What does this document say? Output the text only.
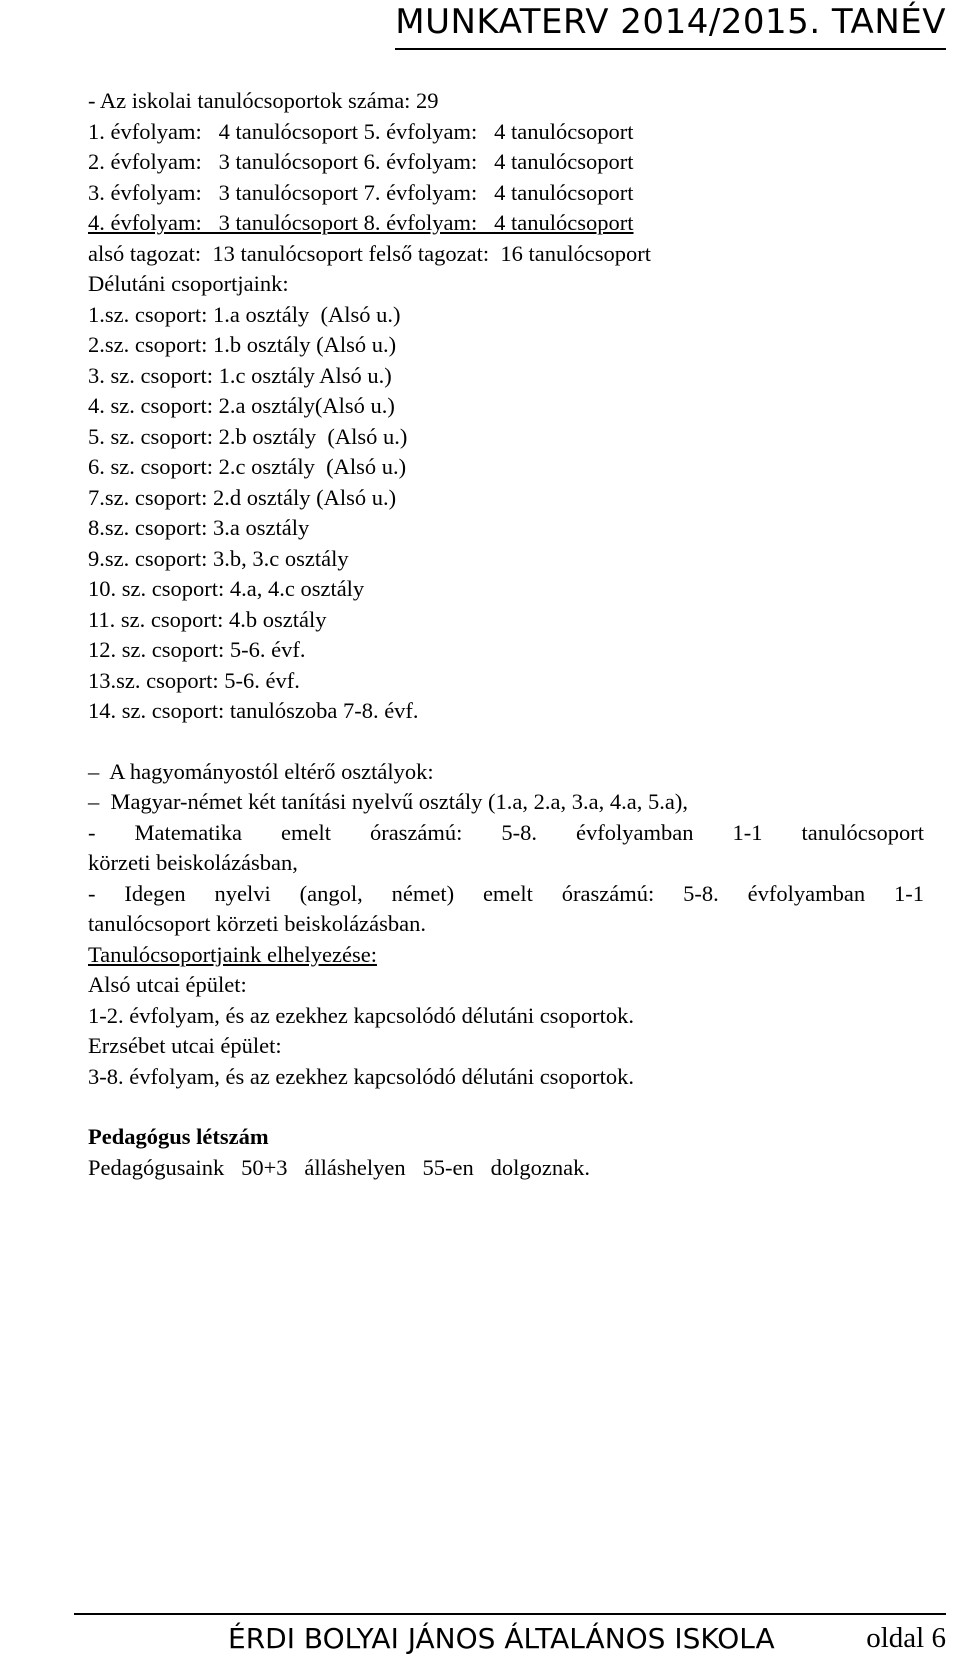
MUNKATERV 2014/2015. TANÉV
- Az iskolai tanulócsoportok száma: 29
1. évfolyam:   4 tanulócsoport 5. évfolyam:   4 tanulócsoport
2. évfolyam:   3 tanulócsoport 6. évfolyam:   4 tanulócsoport
3. évfolyam:   3 tanulócsoport 7. évfolyam:   4 tanulócsoport
4. évfolyam:   3 tanulócsoport 8. évfolyam:   4 tanulócsoport
alsó tagozat:  13 tanulócsoport felső tagozat:  16 tanulócsoport
Délutáni csoportjaink:
1.sz. csoport: 1.a osztály  (Alsó u.)
2.sz. csoport: 1.b osztály (Alsó u.)
3. sz. csoport: 1.c osztály Alsó u.)
4. sz. csoport: 2.a osztály(Alsó u.)
5. sz. csoport: 2.b osztály  (Alsó u.)
6. sz. csoport: 2.c osztály  (Alsó u.)
7.sz. csoport: 2.d osztály (Alsó u.)
8.sz. csoport: 3.a osztály
9.sz. csoport: 3.b, 3.c osztály
10. sz. csoport: 4.a, 4.c osztály
11. sz. csoport: 4.b osztály
12. sz. csoport: 5-6. évf.
13.sz. csoport: 5-6. évf.
14. sz. csoport: tanulószoba 7-8. évf.
–  A hagyományostól eltérő osztályok:
–  Magyar-német két tanítási nyelvű osztály (1.a, 2.a, 3.a, 4.a, 5.a),
- Matematika emelt óraszámú: 5-8. évfolyamban 1-1 tanulócsoport
körzeti beiskolázásban,
- Idegen nyelvi (angol, német) emelt óraszámú: 5-8. évfolyamban 1-1
tanulócsoport körzeti beiskolázásban.
Tanulócsoportjaink elhelyezése:
Alsó utcai épület:
1-2. évfolyam, és az ezekhez kapcsolódó délutáni csoportok.
Erzsébet utcai épület:
3-8. évfolyam, és az ezekhez kapcsolódó délutáni csoportok.
Pedagógus létszám
Pedagógusaink   50+3   álláshelyen   55-en   dolgoznak.
ÉRDI BOLYAI JÁNOS ÁLTALÁNOS ISKOLA	oldal 6
